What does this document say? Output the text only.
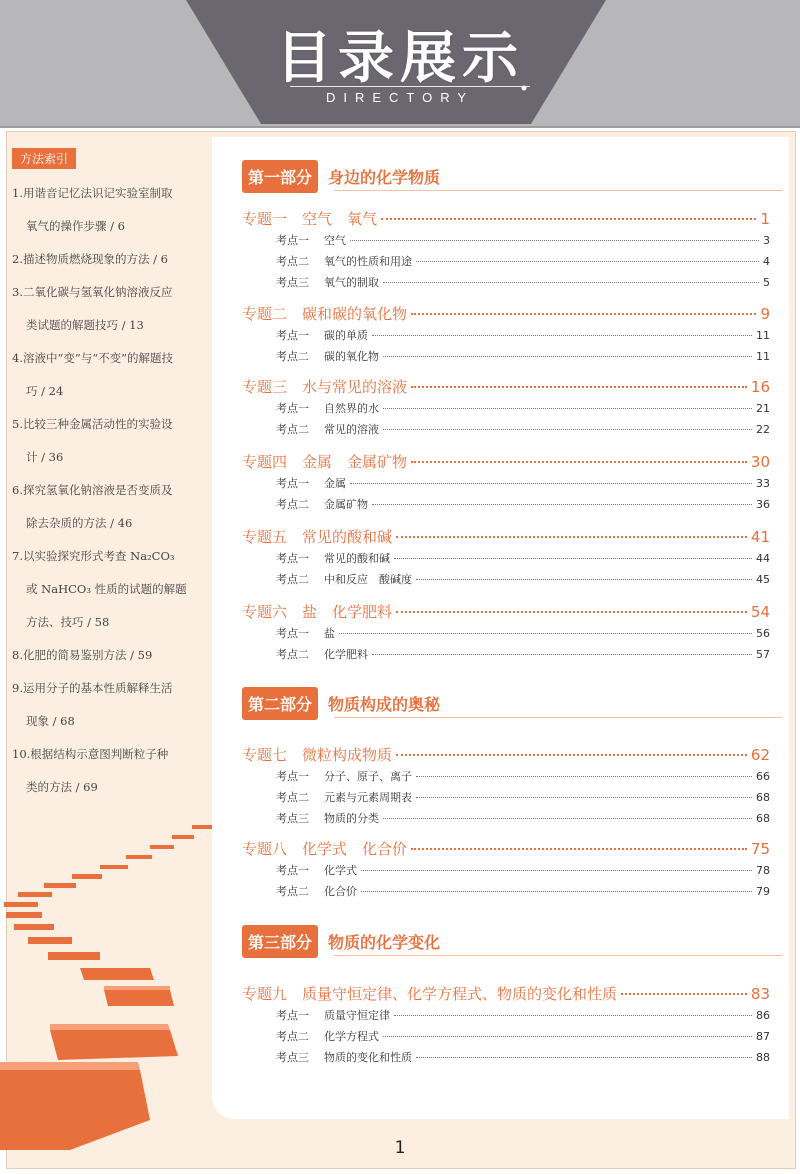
目录展示
DIRECTORY
方法索引
1.用谐音记忆法识记实验室制取
氧气的操作步骤 / 6
2.描述物质燃烧现象的方法 / 6
3.二氧化碳与氢氧化钠溶液反应
类试题的解题技巧 / 13
4.溶液中“变”与“不变”的解题技
巧 / 24
5.比较三种金属活动性的实验设
计 / 36
6.探究氢氧化钠溶液是否变质及
除去杂质的方法 / 46
7.以实验探究形式考查 Na₂CO₃
或 NaHCO₃ 性质的试题的解题
方法、技巧 / 58
8.化肥的简易鉴别方法 / 59
9.运用分子的基本性质解释生活
现象 / 68
10.根据结构示意图判断粒子种
类的方法 / 69
第一部分	身边的化学物质
第二部分	物质构成的奥秘
第三部分	物质的化学变化
专题一　空气　氧气	1
考点一	空气	3
考点二	氧气的性质和用途	4
考点三	氧气的制取	5
专题二　碳和碳的氧化物	9
考点一	碳的单质	11
考点二	碳的氧化物	11
专题三　水与常见的溶液	16
考点一	自然界的水	21
考点二	常见的溶液	22
专题四　金属　金属矿物	30
考点一	金属	33
考点二	金属矿物	36
专题五　常见的酸和碱	41
考点一	常见的酸和碱	44
考点二	中和反应　酸碱度	45
专题六　盐　化学肥料	54
考点一	盐	56
考点二	化学肥料	57
专题七　微粒构成物质	62
考点一	分子、原子、离子	66
考点二	元素与元素周期表	68
考点三	物质的分类	68
专题八　化学式　化合价	75
考点一	化学式	78
考点二	化合价	79
专题九　质量守恒定律、化学方程式、物质的变化和性质	83
考点一	质量守恒定律	86
考点二	化学方程式	87
考点三	物质的变化和性质	88
1
